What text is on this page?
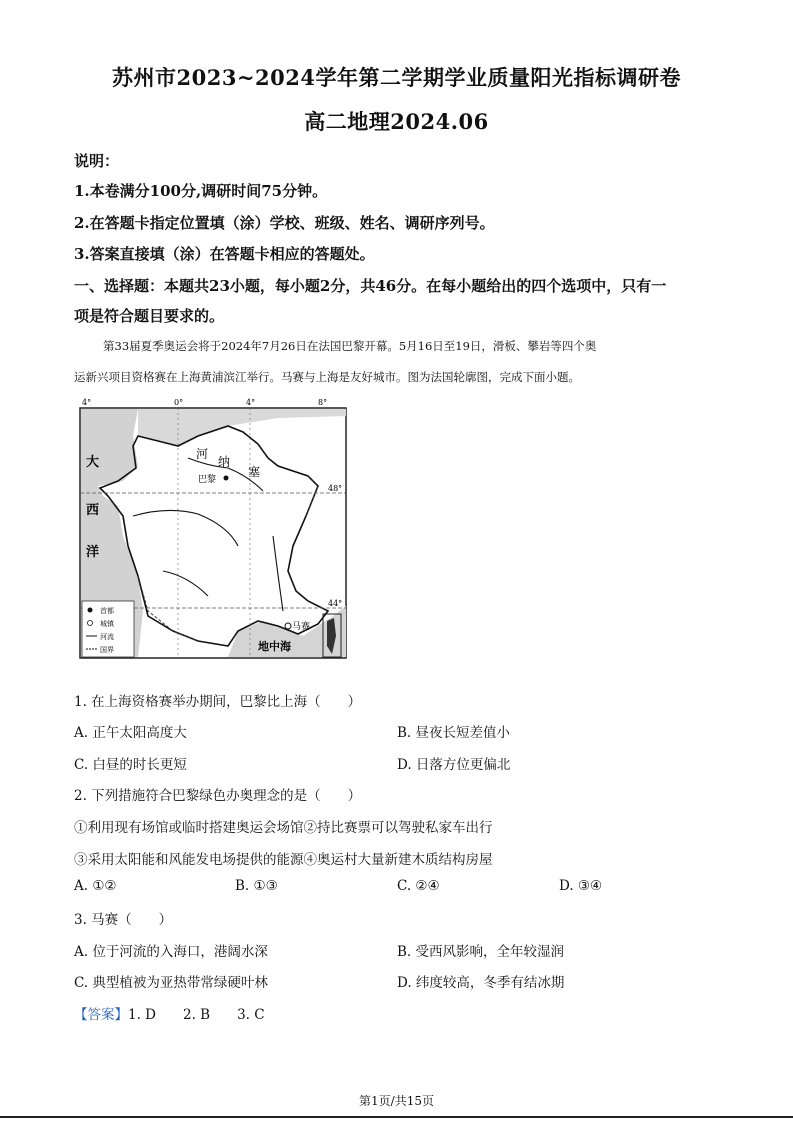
苏州市2023~2024学年第二学期学业质量阳光指标调研卷
高二地理2024.06

说明：

1.本卷满分100分,调研时间75分钟。

2.在答题卡指定位置填（涂）学校、班级、姓名、调研序列号。

3.答案直接填（涂）在答题卡相应的答题处。

一、选择题：本题共23小题，每小题2分，共46分。在每小题给出的四个选项中，只有一

项是符合题目要求的。

第33届夏季奥运会将于2024年7月26日在法国巴黎开幕。5月16日至19日，滑板、攀岩等四个奥

运新兴项目资格赛在上海黄浦滨江举行。马赛与上海是友好城市。图为法国轮廓图，完成下面小题。

4°	0°	4°	8°
48°
44°
大
西
洋
河
纳
塞
巴黎
马赛
地中海
首都
城镇
河流
国界

1. 在上海资格赛举办期间，巴黎比上海（　　）

A. 正午太阳高度大	B. 昼夜长短差值小

C. 白昼的时长更短	D. 日落方位更偏北

2. 下列措施符合巴黎绿色办奥理念的是（　　）

①利用现有场馆或临时搭建奥运会场馆②持比赛票可以驾驶私家车出行

③采用太阳能和风能发电场提供的能源④奥运村大量新建木质结构房屋

A. ①②	B. ①③	C. ②④	D. ③④

3. 马赛（　　）

A. 位于河流的入海口，港阔水深	B. 受西风影响，全年较湿润

C. 典型植被为亚热带常绿硬叶林	D. 纬度较高，冬季有结冰期

【答案】1. D　　2. B　　3. C

第1页/共15页
